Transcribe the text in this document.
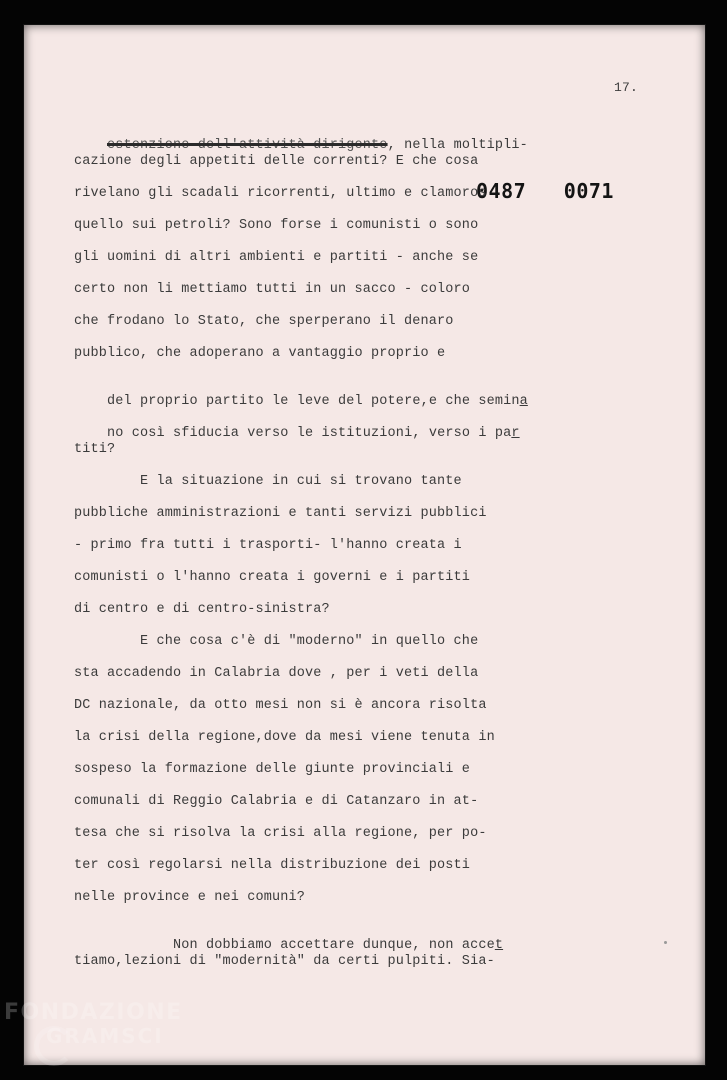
17.
0487   0071

estenzione dell'attività dirigente, nella moltipli-

cazione degli appetiti delle correnti? E che cosa
rivelano gli scadali ricorrenti, ultimo e clamoros
quello sui petroli? Sono forse i comunisti o sono
gli uomini di altri ambienti e partiti - anche se
certo non li mettiamo tutti in un sacco - coloro
che frodano lo Stato, che sperperano il denaro
pubblico, che adoperano a vantaggio proprio e

del proprio partito le leve del potere,e che semina

no così sfiducia verso le istituzioni, verso i par

titi?
E la situazione in cui si trovano tante
pubbliche amministrazioni e tanti servizi pubblici
- primo fra tutti i trasporti- l'hanno creata i
comunisti o l'hanno creata i governi e i partiti
di centro e di centro-sinistra?
E che cosa c'è di "moderno" in quello che
sta accadendo in Calabria dove , per i veti della
DC nazionale, da otto mesi non si è ancora risolta
la crisi della regione,dove da mesi viene tenuta in
sospeso la formazione delle giunte provinciali e
comunali di Reggio Calabria e di Catanzaro in at-
tesa che si risolva la crisi alla regione, per po-
ter così regolarsi nella distribuzione dei posti
nelle province e nei comuni?

Non dobbiamo accettare dunque, non accet

tiamo,lezioni di "modernità" da certi pulpiti. Sia-
FONDAZIONE
GRAMSCI
